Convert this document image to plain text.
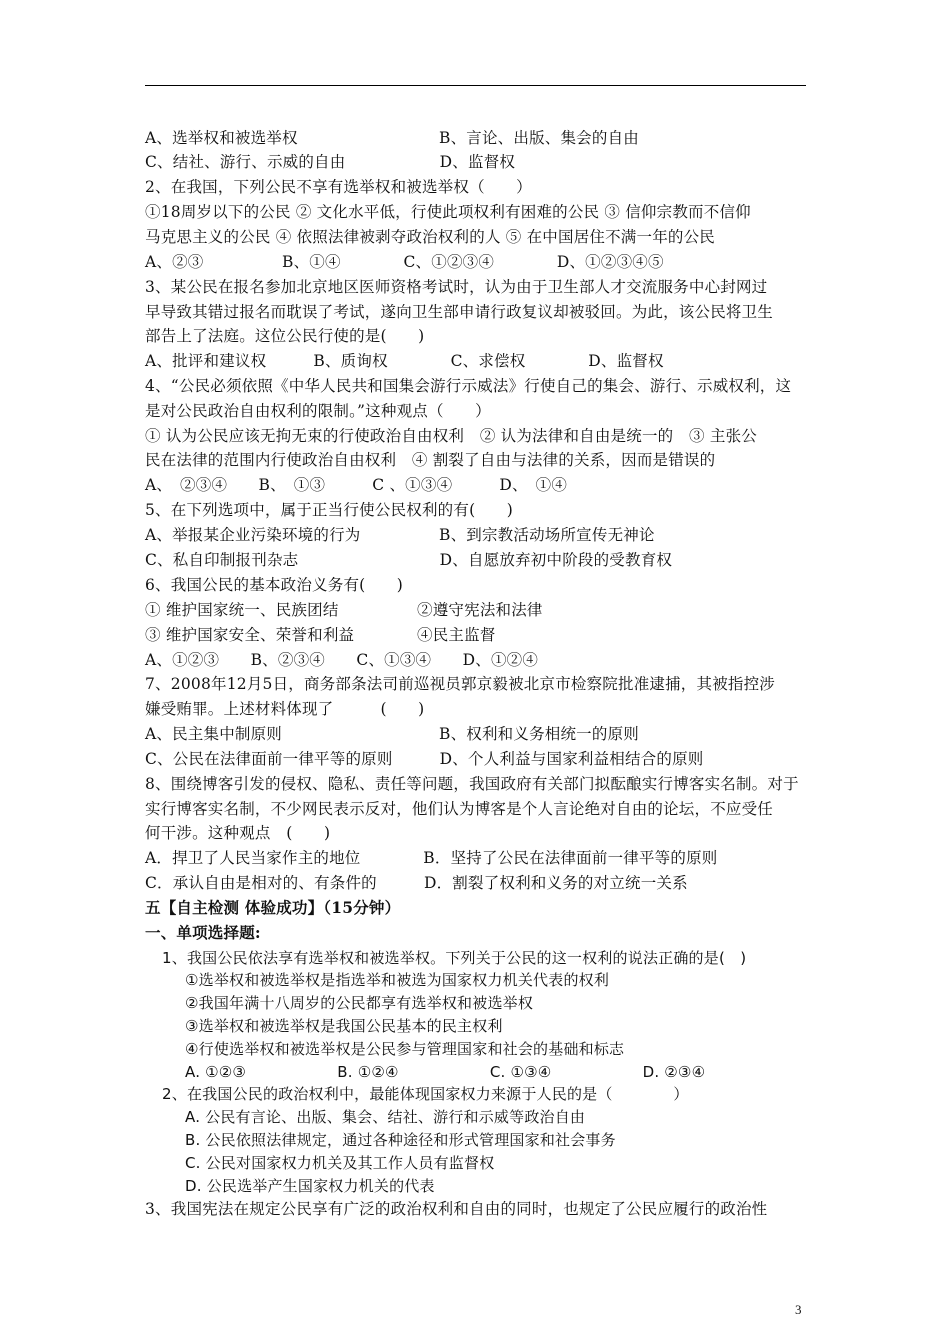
A、选举权和被选举权　　　　　　　　　B、言论、出版、集会的自由
C、结社、游行、示威的自由　　　　　　D、监督权
2、在我国，下列公民不享有选举权和被选举权（　　）
①18周岁以下的公民 ② 文化水平低，行使此项权利有困难的公民 ③ 信仰宗教而不信仰
马克思主义的公民 ④ 依照法律被剥夺政治权利的人 ⑤ 在中国居住不满一年的公民
A、②③　　　　　B、①④　　　　C、①②③④　　　　D、①②③④⑤
3、某公民在报名参加北京地区医师资格考试时，认为由于卫生部人才交流服务中心封网过
早导致其错过报名而耽误了考试，遂向卫生部申请行政复议却被驳回。为此，该公民将卫生
部告上了法庭。这位公民行使的是(　　)
A、批评和建议权　　　B、质询权　　　　C、求偿权　　　　D、监督权
4、“公民必须依照《中华人民共和国集会游行示威法》行使自己的集会、游行、示威权利，这
是对公民政治自由权利的限制。”这种观点（　　）
① 认为公民应该无拘无束的行使政治自由权利　② 认为法律和自由是统一的　③ 主张公
民在法律的范围内行使政治自由权利　④ 割裂了自由与法律的关系，因而是错误的
A、　②③④　　B、　①③　　　C 、①③④　　　D、　①④
5、在下列选项中，属于正当行使公民权利的有(　　)
A、举报某企业污染环境的行为　　　　　B、到宗教活动场所宣传无神论
C、私自印制报刊杂志　　　　　　　　　D、自愿放弃初中阶段的受教育权
6、我国公民的基本政治义务有(　　)
① 维护国家统一、民族团结　　　　　②遵守宪法和法律
③ 维护国家安全、荣誉和利益　　　　④民主监督
A、①②③　　B、②③④　　C、①③④　　D、①②④
7、2008年12月5日，商务部条法司前巡视员郭京毅被北京市检察院批准逮捕，其被指控涉
嫌受贿罪。上述材料体现了　　　(　　)
A、民主集中制原则　　　　　　　　　　B、权利和义务相统一的原则
C、公民在法律面前一律平等的原则　　　D、个人利益与国家利益相结合的原则
8、围绕博客引发的侵权、隐私、责任等问题，我国政府有关部门拟酝酿实行博客实名制。对于
实行博客实名制，不少网民表示反对，他们认为博客是个人言论绝对自由的论坛，不应受任
何干涉。这种观点　(　　)
A．捍卫了人民当家作主的地位　　　　B．坚持了公民在法律面前一律平等的原则
C．承认自由是相对的、有条件的　　　D．割裂了权利和义务的对立统一关系
五【自主检测 体验成功】（15分钟）
一、单项选择题:
1、我国公民依法享有选举权和被选举权。下列关于公民的这一权利的说法正确的是(　)
①选举权和被选举权是指选举和被选为国家权力机关代表的权利
②我国年满十八周岁的公民都享有选举权和被选举权
③选举权和被选举权是我国公民基本的民主权利
④行使选举权和被选举权是公民参与管理国家和社会的基础和标志
A. ①②③　　　　　　B. ①②④　　　　　　C. ①③④　　　　　　D. ②③④
2、在我国公民的政治权利中，最能体现国家权力来源于人民的是（　　　　）
A. 公民有言论、出版、集会、结社、游行和示威等政治自由
B. 公民依照法律规定，通过各种途径和形式管理国家和社会事务
C. 公民对国家权力机关及其工作人员有监督权
D. 公民选举产生国家权力机关的代表
3、我国宪法在规定公民享有广泛的政治权利和自由的同时，也规定了公民应履行的政治性
3
